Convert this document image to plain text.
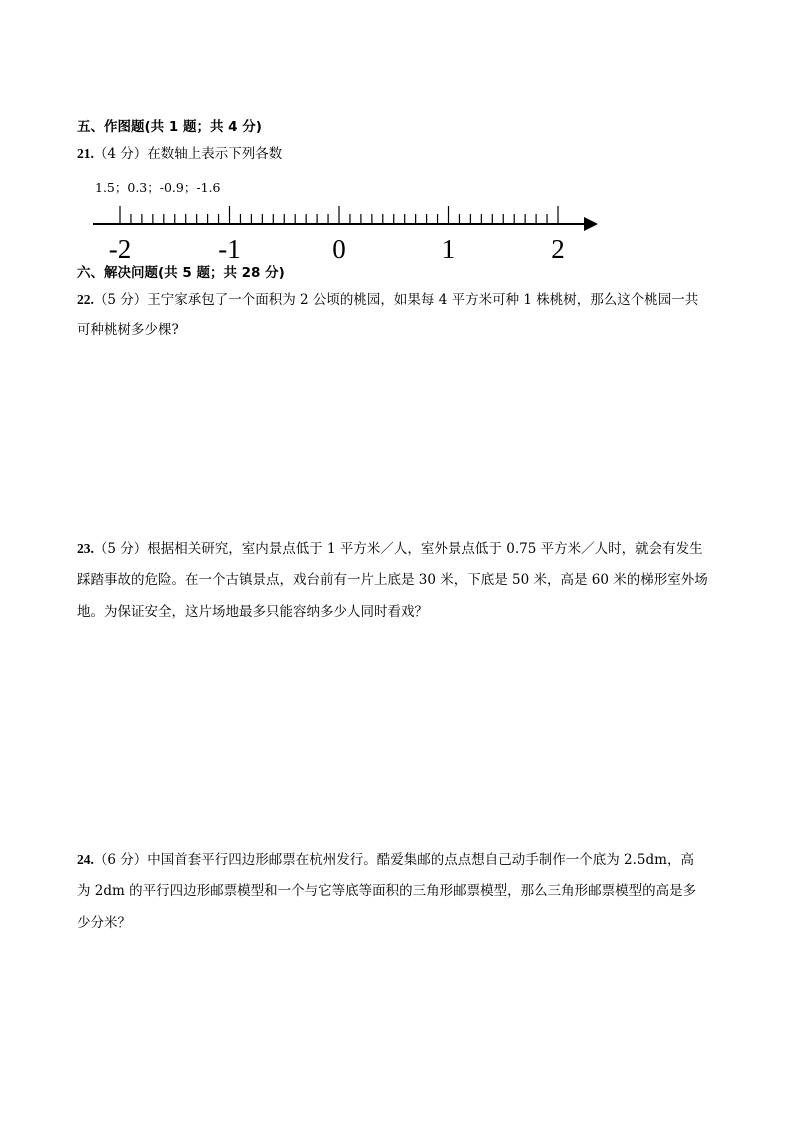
五、作图题(共 1 题；共 4 分)
21.（4 分）在数轴上表示下列各数
1.5；0.3；-0.9；-1.6
-2	-1	0	1	2
六、解决问题(共 5 题；共 28 分)
22.（5 分）王宁家承包了一个面积为 2 公顷的桃园，如果每 4 平方米可种 1 株桃树，那么这个桃园一共
可种桃树多少棵?
23.（5 分）根据相关研究，室内景点低于 1 平方米／人，室外景点低于 0.75 平方米／人时，就会有发生
踩踏事故的危险。在一个古镇景点，戏台前有一片上底是 30 米，下底是 50 米，高是 60 米的梯形室外场
地。为保证安全，这片场地最多只能容纳多少人同时看戏？
24.（6 分）中国首套平行四边形邮票在杭州发行。酷爱集邮的点点想自己动手制作一个底为 2.5dm，高
为 2dm 的平行四边形邮票模型和一个与它等底等面积的三角形邮票模型，那么三角形邮票模型的高是多
少分米？
